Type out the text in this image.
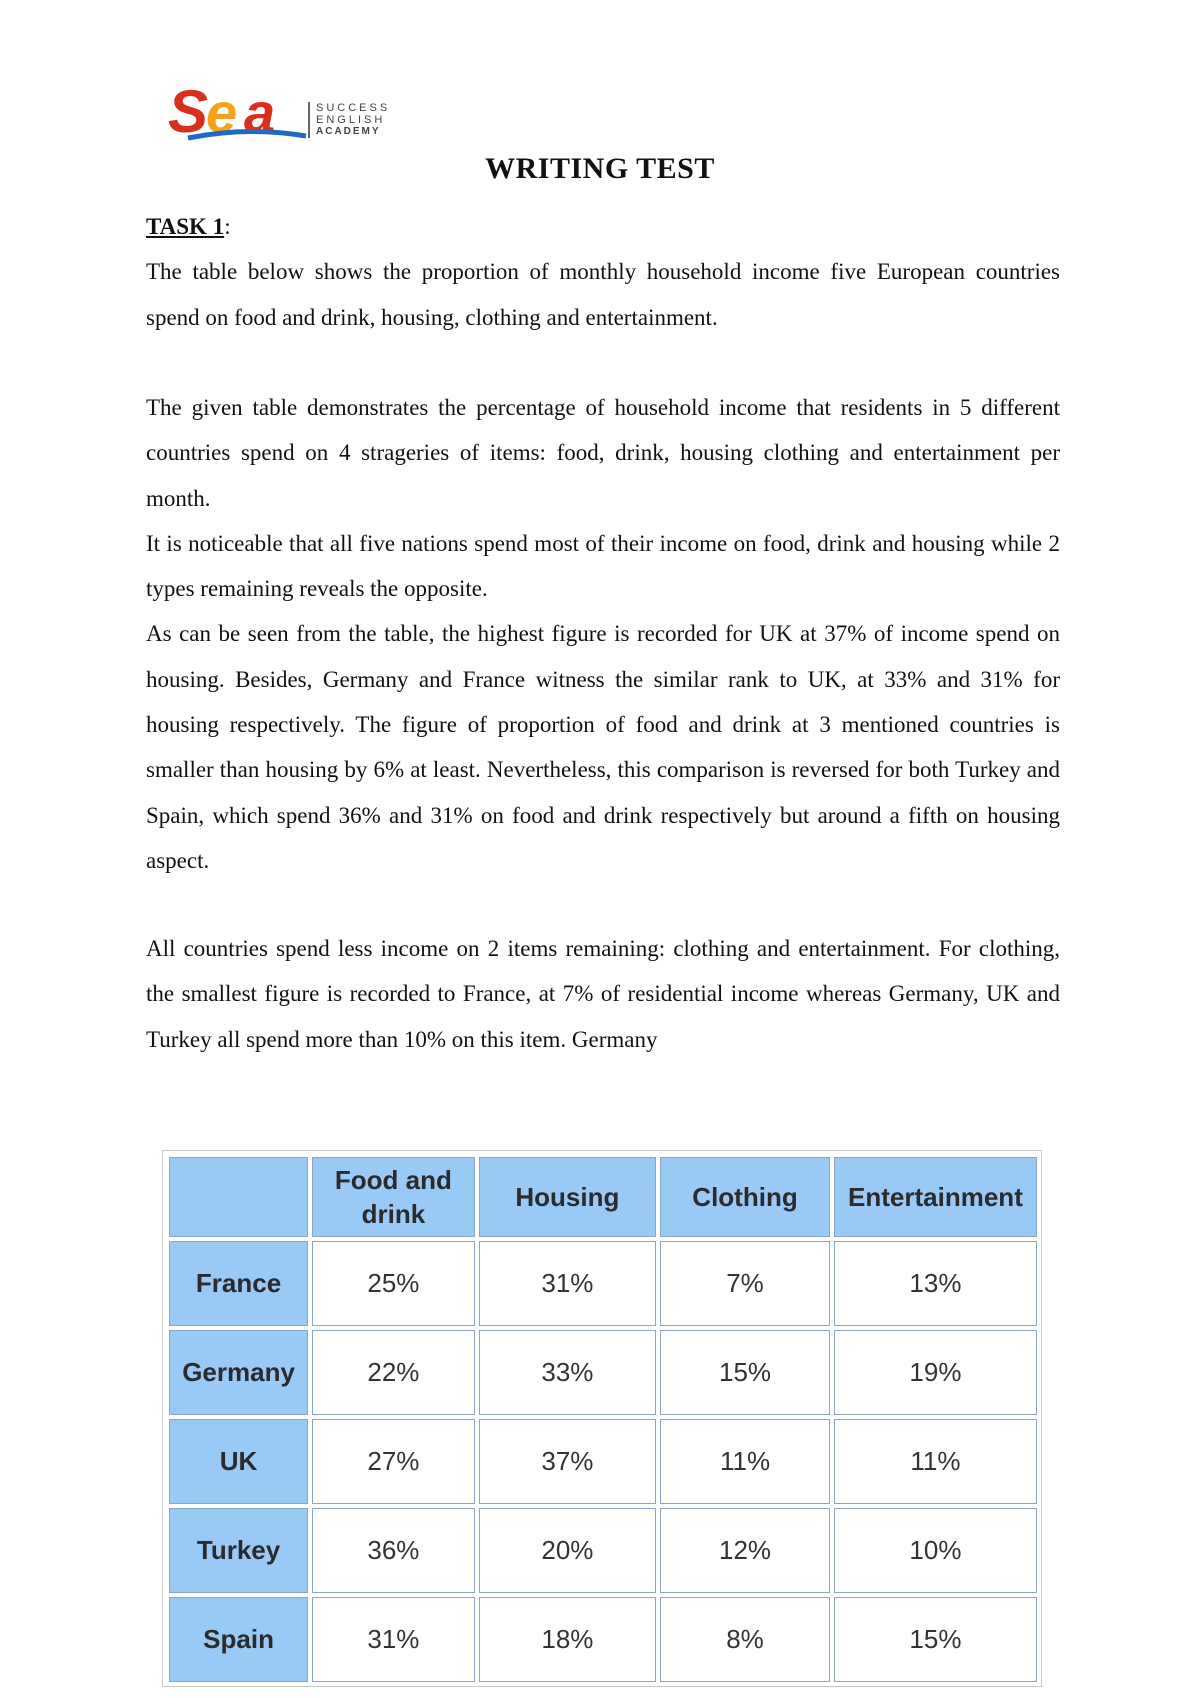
S
e a	SUCCESS
ENGLISH
ACADEMY
WRITING TEST

TASK 1:

The table below shows the proportion of monthly household income five European countries spend on food and drink, housing, clothing and entertainment.

The given table demonstrates the percentage of household income that residents in 5 different countries spend on 4 stragеries of items: food, drink, housing clothing and entertainment per month.

It is noticeable that all five nations spend most of their income on food, drink and housing while 2 types remaining reveals the opposite.

As can be seen from the table, the highest figure is recorded for UK at 37% of income spend on housing. Besides, Germany and France witness the similar rank to UK, at 33% and 31% for housing respectively. The figure of proportion of food and drink at 3 mentioned countries is smaller than housing by 6% at least. Nevertheless, this comparison is reversed for both Turkey and Spain, which spend 36% and 31% on food and drink respectively but around a fifth on housing aspect.

All countries spend less income on 2 items remaining: clothing and entertainment. For clothing, the smallest figure is recorded to France, at 7% of residential income whereas Germany, UK and Turkey all spend more than 10% on this item. Germany

	Food and drink	Housing	Clothing	Entertainment
France	25%	31%	7%	13%
Germany	22%	33%	15%	19%
UK	27%	37%	11%	11%
Turkey	36%	20%	12%	10%
Spain	31%	18%	8%	15%
